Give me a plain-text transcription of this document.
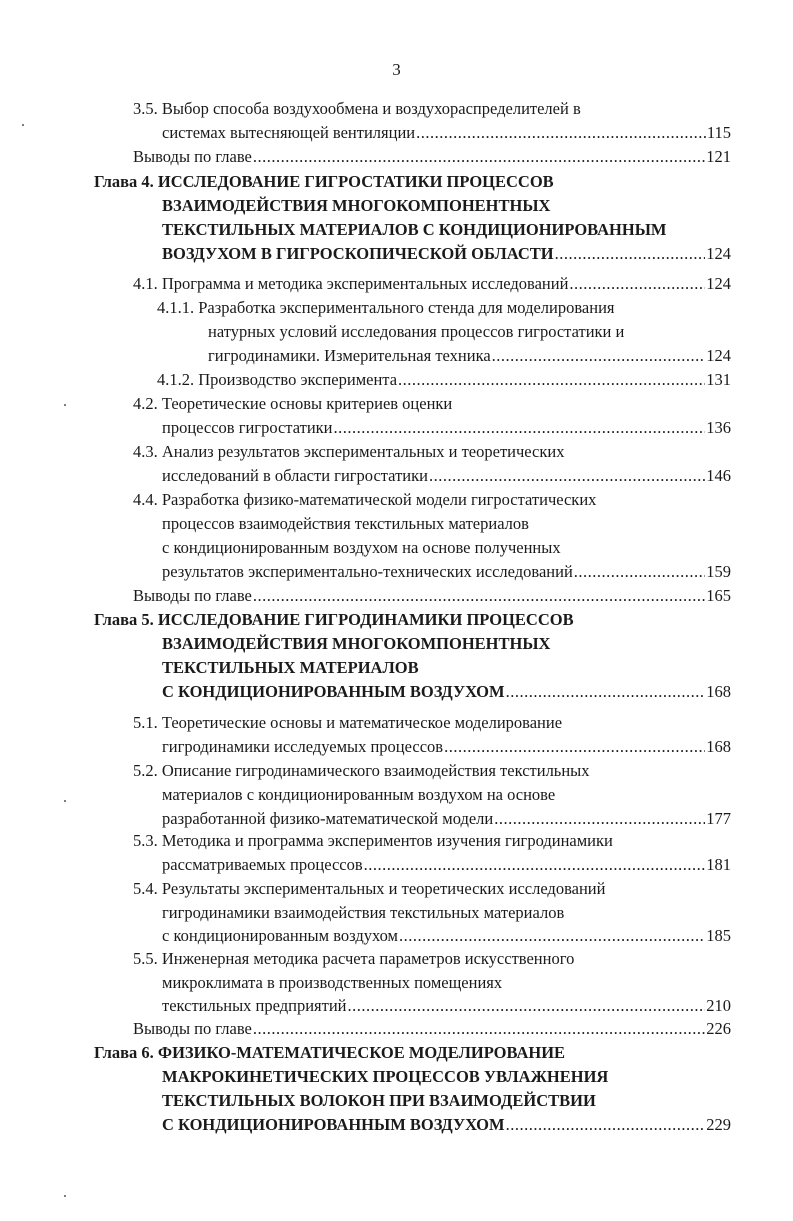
3
3.5. Выбор способа воздухообмена и воздухораспределителей в
системах вытесняющей вентиляции .....	115
Выводы по главе .....	121
Глава 4. ИССЛЕДОВАНИЕ ГИГРОСТАТИКИ ПРОЦЕССОВ
ВЗАИМОДЕЙСТВИЯ МНОГОКОМПОНЕНТНЫХ
ТЕКСТИЛЬНЫХ МАТЕРИАЛОВ С КОНДИЦИОНИРОВАННЫМ
ВОЗДУХОМ В ГИГРОСКОПИЧЕСКОЙ ОБЛАСТИ .....	124
4.1. Программа и методика экспериментальных исследований .....	124
4.1.1. Разработка экспериментального стенда для моделирования
натурных условий исследования процессов гигростатики и
гигродинамики. Измерительная техника .....	124
4.1.2. Производство эксперимента .....	131
4.2. Теоретические основы критериев оценки
процессов гигростатики .....	136
4.3. Анализ результатов экспериментальных и теоретических
исследований в области гигростатики .....	146
4.4. Разработка физико-математической модели гигростатических
процессов взаимодействия текстильных материалов
с кондиционированным воздухом на основе полученных
результатов экспериментально-технических исследований .....	159
Выводы по главе .....	165
Глава 5. ИССЛЕДОВАНИЕ ГИГРОДИНАМИКИ ПРОЦЕССОВ
ВЗАИМОДЕЙСТВИЯ МНОГОКОМПОНЕНТНЫХ
ТЕКСТИЛЬНЫХ МАТЕРИАЛОВ
С КОНДИЦИОНИРОВАННЫМ ВОЗДУХОМ .....	168
5.1. Теоретические основы и математическое моделирование
гигродинамики исследуемых процессов .....	168
5.2. Описание гигродинамического взаимодействия текстильных
материалов с кондиционированным воздухом на основе
разработанной физико-математической модели .....	177
5.3. Методика и программа экспериментов изучения гигродинамики
рассматриваемых процессов .....	181
5.4. Результаты экспериментальных и теоретических исследований
гигродинамики взаимодействия текстильных материалов
с кондиционированным воздухом .....	185
5.5. Инженерная методика расчета параметров искусственного
микроклимата в производственных помещениях
текстильных предприятий .....	210
Выводы по главе .....	226
Глава 6. ФИЗИКО-МАТЕМАТИЧЕСКОЕ МОДЕЛИРОВАНИЕ
МАКРОКИНЕТИЧЕСКИХ ПРОЦЕССОВ УВЛАЖНЕНИЯ
ТЕКСТИЛЬНЫХ ВОЛОКОН ПРИ ВЗАИМОДЕЙСТВИИ
С КОНДИЦИОНИРОВАННЫМ ВОЗДУХОМ .....	229
